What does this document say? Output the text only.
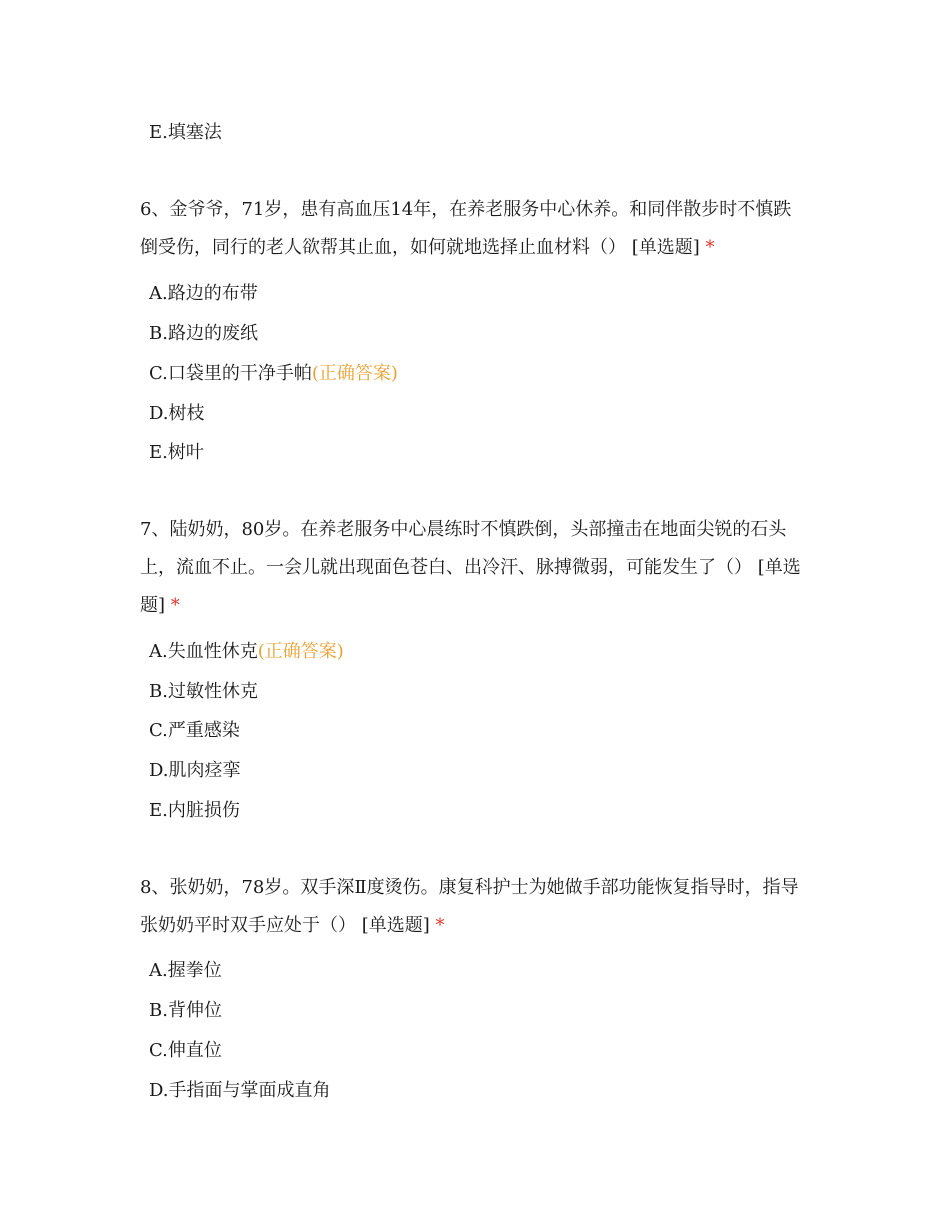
E.填塞法
6、金爷爷，71岁，患有高血压14年，在养老服务中心休养。和同伴散步时不慎跌倒受伤，同行的老人欲帮其止血，如何就地选择止血材料（） [单选题] *
A.路边的布带
B.路边的废纸
C.口袋里的干净手帕(正确答案)
D.树枝
E.树叶
7、陆奶奶，80岁。在养老服务中心晨练时不慎跌倒，头部撞击在地面尖锐的石头上，流血不止。一会儿就出现面色苍白、出冷汗、脉搏微弱，可能发生了（） [单选题] *
A.失血性休克(正确答案)
B.过敏性休克
C.严重感染
D.肌肉痉挛
E.内脏损伤
8、张奶奶，78岁。双手深Ⅱ度烫伤。康复科护士为她做手部功能恢复指导时，指导张奶奶平时双手应处于（） [单选题] *
A.握拳位
B.背伸位
C.伸直位
D.手指面与掌面成直角
